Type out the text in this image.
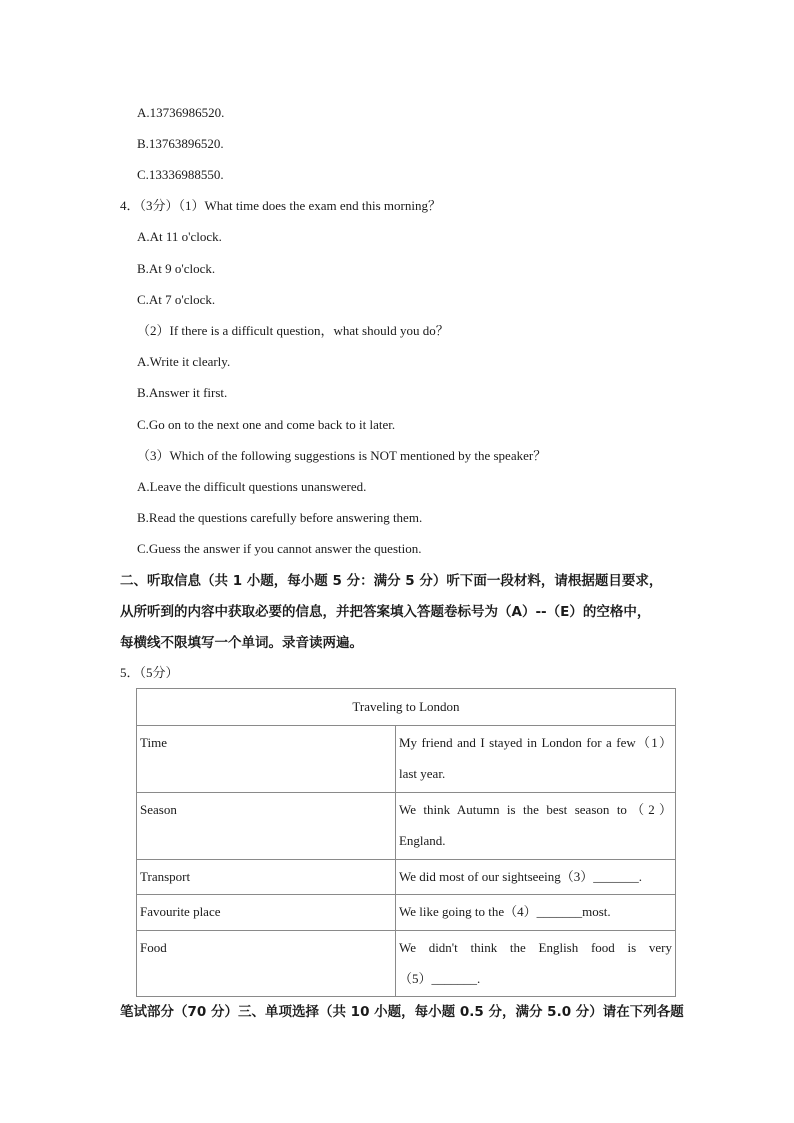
A.13736986520.
B.13763896520.
C.13336988550.
4．（3分）（1）What time does the exam end this morning？
A.At 11 o'clock.
B.At 9 o'clock.
C.At 7 o'clock.
（2）If there is a difficult question，what should you do？
A.Write it clearly.
B.Answer it first.
C.Go on to the next one and come back to it later.
（3）Which of the following suggestions is NOT mentioned by the speaker？
A.Leave the difficult questions unanswered.
B.Read the questions carefully before answering them.
C.Guess the answer if you cannot answer the question.
二、听取信息（共 1 小题，每小题 5 分：满分 5 分）听下面一段材料，请根据题目要求，
从所听到的内容中获取必要的信息，并把答案填入答题卷标号为（A）--（E）的空格中，
每横线不限填写一个单词。录音读两遍。
5．（5分）
Traveling to London	

Time	My friend and I stayed in London for a few（1）
last year.

Season	We think Autumn is the best season to（2）
England.

Transport	We did most of our sightseeing（3）_______.

Favourite place	We like going to the（4）_______most.

Food	We didn't think the English food is very
（5）_______.
笔试部分（70 分）三、单项选择（共 10 小题，每小题 0.5 分，满分 5.0 分）请在下列各题
